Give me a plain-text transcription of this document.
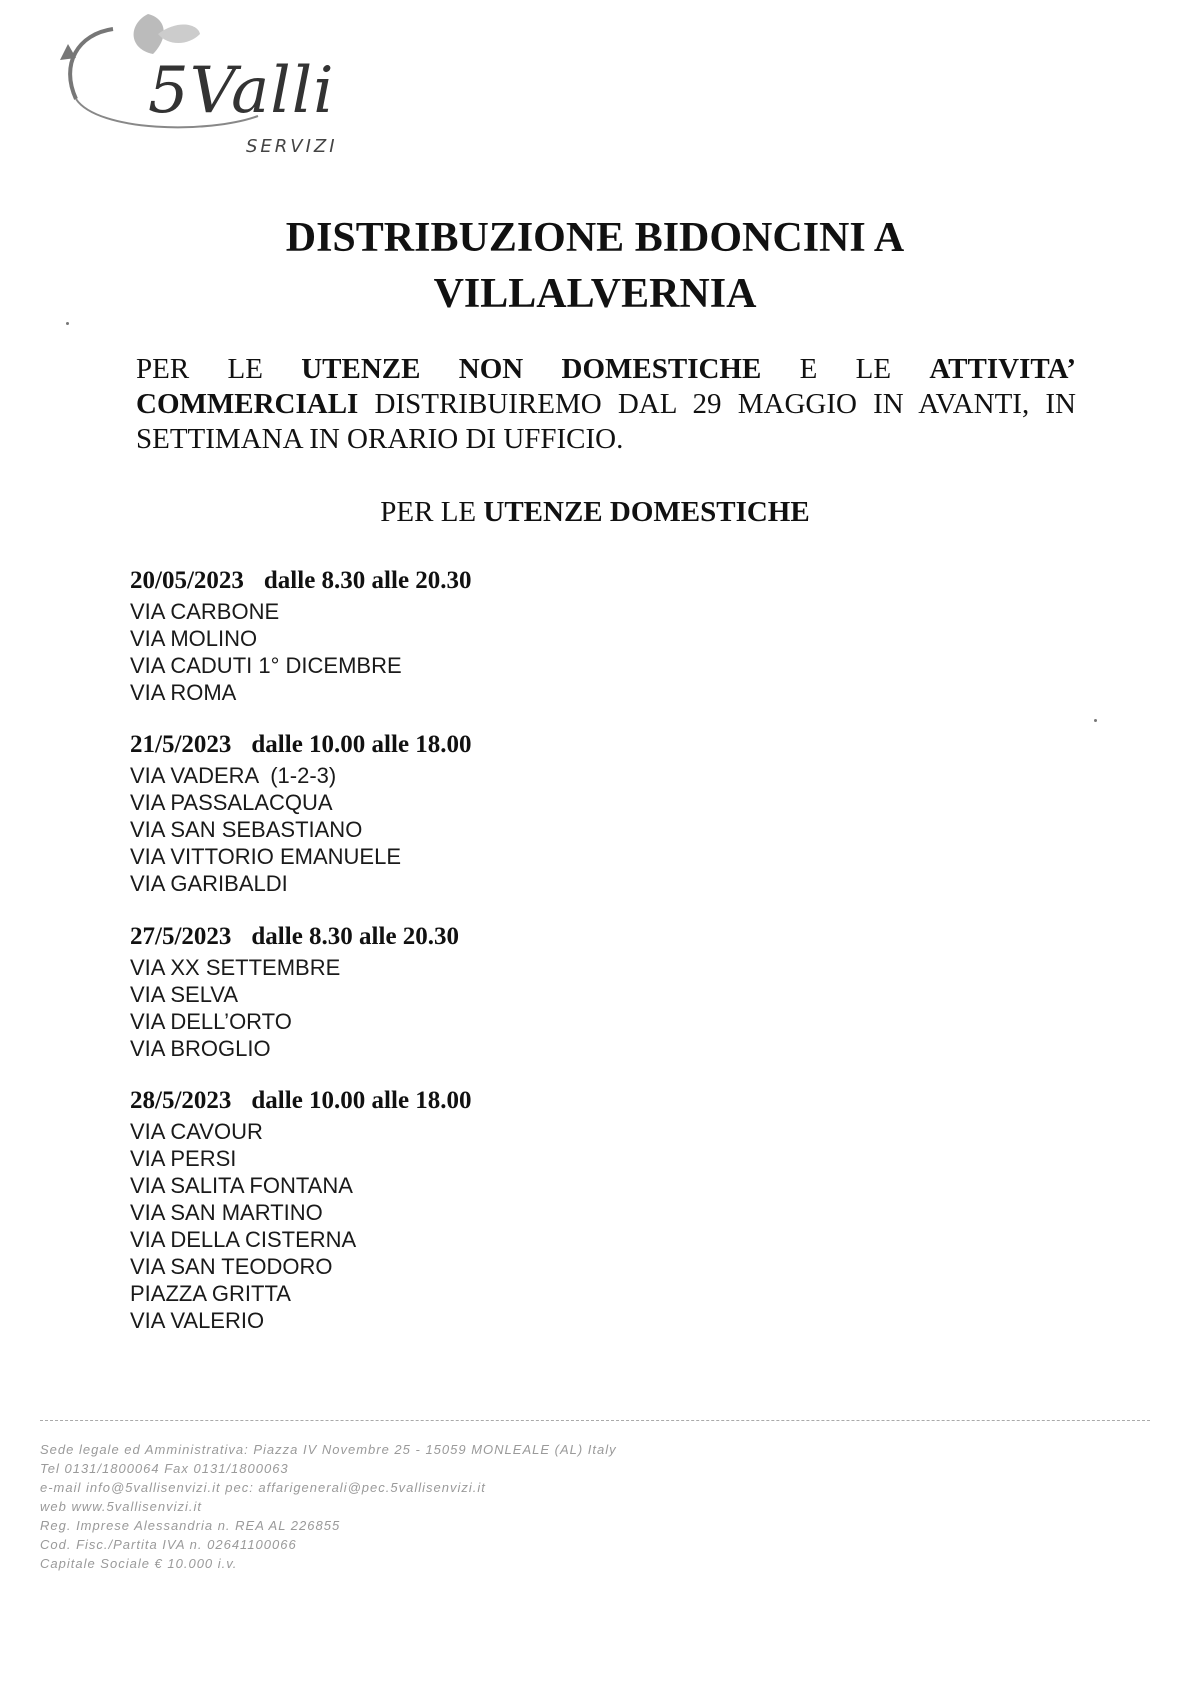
5Valli
SERVIZI
DISTRIBUZIONE BIDONCINI A
VILLALVERNIA
PER LE UTENZE NON DOMESTICHE E LE ATTIVITA’ COMMERCIALI DISTRIBUIREMO DAL 29 MAGGIO IN AVANTI, IN SETTIMANA IN ORARIO DI UFFICIO.
PER LE UTENZE DOMESTICHE
20/05/2023 dalle 8.30 alle 20.30
VIA CARBONE
VIA MOLINO
VIA CADUTI 1° DICEMBRE
VIA ROMA
21/5/2023 dalle 10.00 alle 18.00
VIA VADERA  (1-2-3)
VIA PASSALACQUA
VIA SAN SEBASTIANO
VIA VITTORIO EMANUELE
VIA GARIBALDI
27/5/2023 dalle 8.30 alle 20.30
VIA XX SETTEMBRE
VIA SELVA
VIA DELL’ORTO
VIA BROGLIO
28/5/2023 dalle 10.00 alle 18.00
VIA CAVOUR
VIA PERSI
VIA SALITA FONTANA
VIA SAN MARTINO
VIA DELLA CISTERNA
VIA SAN TEODORO
PIAZZA GRITTA
VIA VALERIO
Sede legale ed Amministrativa: Piazza IV Novembre 25 - 15059 MONLEALE (AL) Italy
Tel 0131/1800064 Fax 0131/1800063
e-mail info@5vallisenvizi.it pec: affarigenerali@pec.5vallisenvizi.it
web www.5vallisenvizi.it
Reg. Imprese Alessandria n. REA AL 226855
Cod. Fisc./Partita IVA n. 02641100066
Capitale Sociale € 10.000 i.v.
